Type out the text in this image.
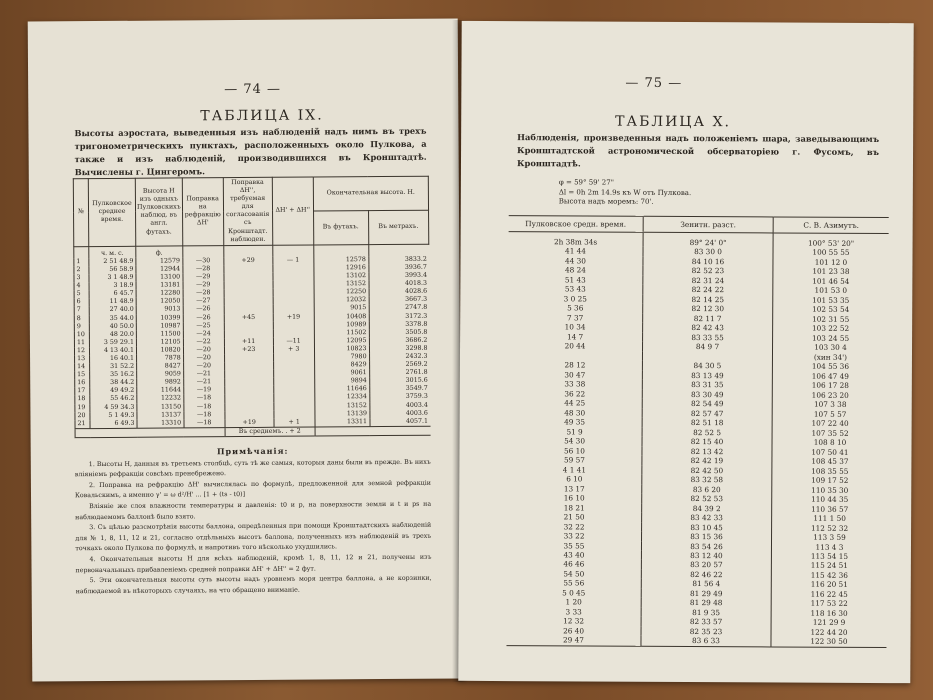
— 74 —
ТАБЛИЦА IX.
Высоты аэростата, выведенныя изъ наблюденій надъ нимъ въ трехъ тригонометрическихъ пунктахъ, расположенныхъ около Пулкова, а также и изъ наблюденій, производившихся въ Кронштадтѣ. Вычислены г. Цингеромъ.
№	Пулковское среднее время.	Высота Н изъ одныхъ Пулковскихъ наблюд. въ англ. футахъ.	Поправка на рефракцію ΔН'	Поправка ΔН'', требуемая для согласованія съ Кронштадт. наблюден.	ΔН' + ΔН''	Окончательная высота. Н.	
						Въ футахъ.	Въ метрахъ.
	ч. м. с.	ф.					
1	2 51 48.9	12579	—30	+29	— 1	12578	3833.2
2	56 58.9	12944	—28			12916	3936.7
3	3 1 48.9	13100	—29			13102	3993.4
4	3 18.9	13181	—29			13152	4018.3
5	6 45.7	12280	—28			12250	4028.6
6	11 48.9	12050	—27			12032	3667.3
7	27 40.0	9013	—26			9015	2747.8
8	35 44.0	10399	—26	+45	+19	10408	3172.3
9	40 50.0	10987	—25			10989	3378.8
10	48 20.0	11500	—24			11502	3505.8
11	3 59 29.1	12105	—22	+11	—11	12095	3686.2
12	4 13 40.1	10820	—20	+23	+ 3	10823	3298.8
13	16 40.1	7878	—20			7980	2432.3
14	31 52.2	8427	—20			8429	2569.2
15	35 16.2	9059	—21			9061	2761.8
16	38 44.2	9892	—21			9894	3015.6
17	49 49.2	11644	—19			11646	3549.7
18	55 46.2	12232	—18			12334	3759.3
19	4 59 34.3	13150	—18			13152	4003.4
20	5 1 49.3	13137	—18			13139	4003.6
21	6 49.3	13310	—18	+19	+ 1	13311	4057.1
				Въ среднемъ. . + 2			
Примѣчанія:

1. Высоты Н, данныя въ третьемъ столбцѣ, суть тѣ же самыя, которыя даны были въ прежде. Въ нихъ вліяніемъ рефракціи совсѣмъ пренебрежено.

2. Поправка на рефракцію ΔН' вычислялась по формулѣ, предложенной для земной рефракціи Ковальскимъ, а именно γ' = ω d²/H' ... [1 + (ts - t0)]

Вліяніе же слоя влажности температуры и давленія: t0 и p, на поверхности земли и t и ps на наблюдаемомъ баллонѣ было взято.

3. Съ цѣлью разсмотрѣнія высоты баллона, опредѣленныя при помощи Кронштадтскихъ наблюденій для № 1, 8, 11, 12 и 21, согласно отдѣльныхъ высотъ баллона, полученныхъ изъ наблюденій въ трехъ точкахъ около Пулкова по формулѣ, и напротивъ того нѣсколько ухудшились.

4. Окончательныя высоты Н для всѣхъ наблюденій, кромѣ 1, 8, 11, 12 и 21, получены изъ первоначальныхъ прибавленіемъ средней поправки ΔН' + ΔН'' = 2 фут.

5. Эти окончательныя высоты суть высоты надъ уровнемъ моря центра баллона, а не корзинки, наблюдаемой въ нѣкоторыхъ случаяхъ, на что обращено вниманіе.

— 75 —
ТАБЛИЦА X.
Наблюденія, произведенныя надъ положеніемъ шара, заведывающимъ Кронштадтской астрономической обсерваторіею г. Фусомъ, въ Кронштадтѣ.
φ = 59° 59' 27"
Δl = 0h 2m 14.9s къ W отъ Пулкова.
Высота надъ моремъ: 70'.
Пулковское средн. время.	Зенитн. разст.	С. В. Азимутъ.
2h 38m 34s	89° 24' 0"	100° 53' 20"
41 44	83 30 0	100 55 55
44 30	84 10 16	101 12 0
48 24	82 52 23	101 23 38
51 43	82 31 24	101 46 54
53 43	82 24 22	101 53 0
3 0 25	82 14 25	101 53 35
5 36	82 12 30	102 53 54
7 37	82 11 7	102 31 55
10 34	82 42 43	103 22 52
14 7	83 33 55	103 24 55
20 44	84 9 7	103 30 4
		(хин 34')
28 12	84 30 5	104 55 36
30 47	83 13 49	106 47 49
33 38	83 31 35	106 17 28
36 22	83 30 49	106 23 20
44 25	82 54 49	107 3 38
48 30	82 57 47	107 5 57
49 35	82 51 18	107 22 40
51 9	82 52 5	107 35 52
54 30	82 15 40	108 8 10
56 10	82 13 42	107 50 41
59 57	82 42 19	108 45 37
4 1 41	82 42 50	108 35 55
6 10	83 32 58	109 17 52
13 17	83 6 20	110 35 30
16 10	82 52 53	110 44 35
18 21	84 39 2	110 36 57
21 50	83 42 33	111 1 50
32 22	83 10 45	112 52 32
33 22	83 15 36	113 3 59
35 55	83 54 26	113 4 3
43 40	83 12 40	113 54 15
46 46	83 20 57	115 24 51
54 50	82 46 22	115 42 36
55 56	81 56 4	116 20 51
5 0 45	81 29 49	116 22 45
1 20	81 29 48	117 53 22
3 33	81 9 35	118 16 30
12 32	82 33 57	121 29 9
26 40	82 35 23	122 44 20
29 47	83 6 33	122 30 50
